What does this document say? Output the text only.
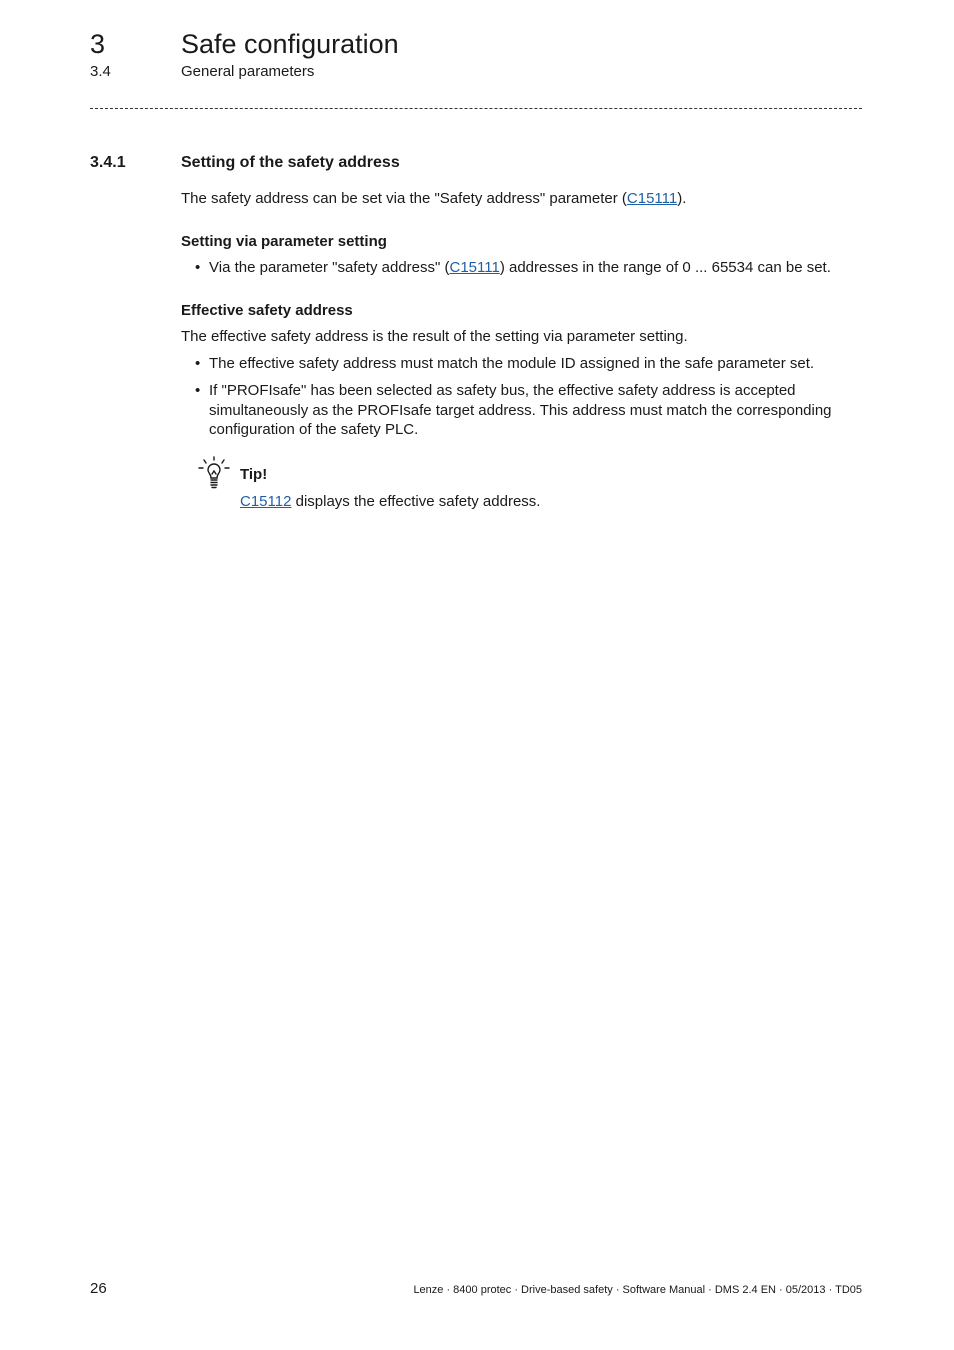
3	Safe configuration
3.4	General parameters
3.4.1	Setting of the safety address
The safety address can be set via the "Safety address" parameter (C15111).
Setting via parameter setting
• Via the parameter "safety address" (C15111) addresses in the range of 0 ... 65534 can be set.
Effective safety address
The effective safety address is the result of the setting via parameter setting.
• The effective safety address must match the module ID assigned in the safe parameter set.
• If "PROFIsafe" has been selected as safety bus, the effective safety address is accepted
simultaneously as the PROFIsafe target address. This address must match the corresponding
configuration of the safety PLC.
Tip!
C15112 displays the effective safety address.
26	Lenze · 8400 protec · Drive-based safety · Software Manual · DMS 2.4 EN · 05/2013 · TD05
